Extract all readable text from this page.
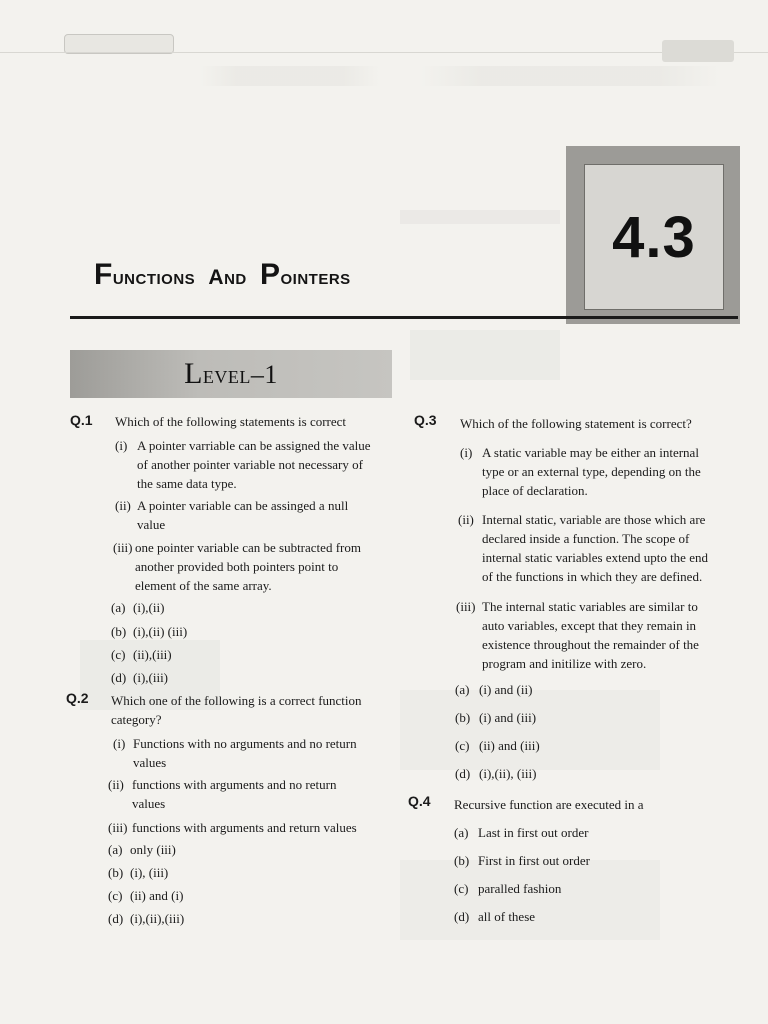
4.3
Functions and Pointers
Level–1
Q.1 Which of the following statements is correct
(i) A pointer varriable can be assigned the value
of another pointer variable not necessary of
the same data type.
(ii) A pointer variable can be assinged a null
value
(iii) one pointer variable can be subtracted from
another provided both pointers point to
element of the same array.
(a) (i),(ii)
(b) (i),(ii) (iii)
(c) (ii),(iii)
(d) (i),(iii)
Q.2 Which one of the following is a correct function
category?
(i) Functions with no arguments and no return
values
(ii) functions with arguments and no return
values
(iii) functions with arguments and return values
(a) only (iii)
(b) (i), (iii)
(c) (ii) and (i)
(d) (i),(ii),(iii)
Q.3 Which of the following statement is correct?
(i) A static variable may be either an internal
type or an external type, depending on the
place of declaration.
(ii) Internal static, variable are those which are
declared inside a function. The scope of
internal static variables extend upto the end
of the functions in which they are defined.
(iii) The internal static variables are similar to
auto variables, except that they remain in
existence throughout the remainder of the
program and initilize with zero.
(a) (i) and (ii)
(b) (i) and (iii)
(c) (ii) and (iii)
(d) (i),(ii), (iii)
Q.4 Recursive function are executed in a
(a) Last in first out order
(b) First in first out order
(c) paralled fashion
(d) all of these
